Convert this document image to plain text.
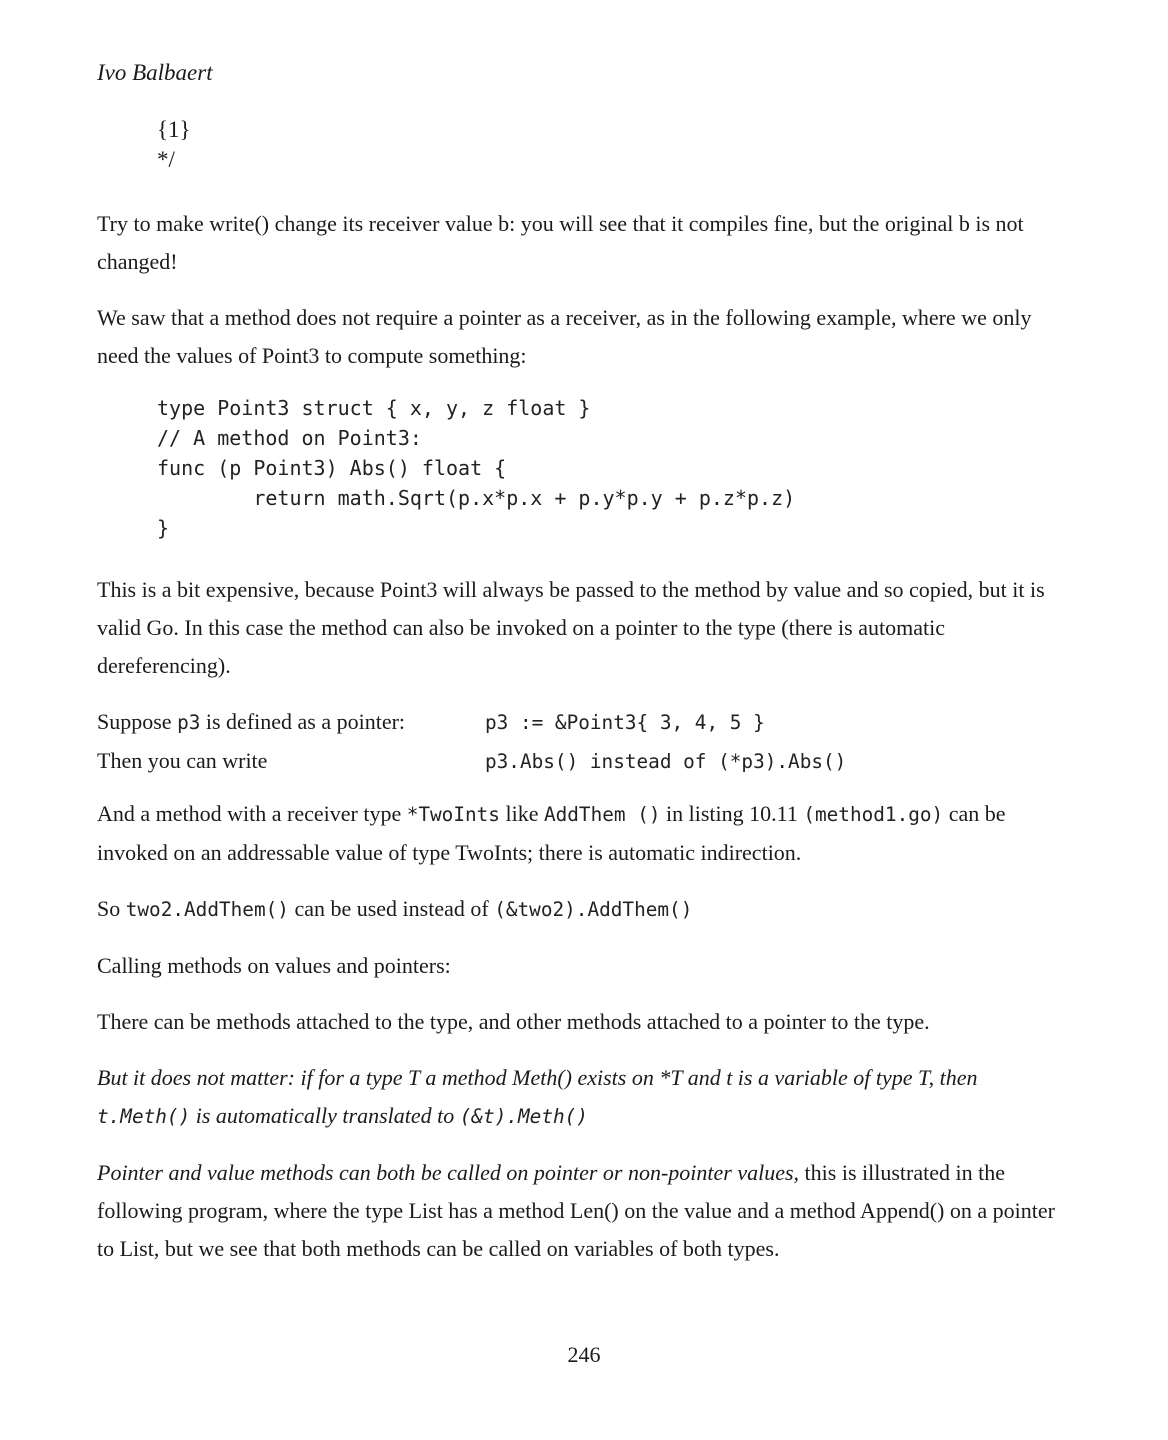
Ivo Balbaert
{1}
*/

Try to make write() change its receiver value b: you will see that it compiles fine, but the original b is not changed!

We saw that a method does not require a pointer as a receiver, as in the following example, where we only need the values of Point3 to compute something:

type Point3 struct { x, y, z float }
// A method on Point3:
func (p Point3) Abs() float {
return math.Sqrt(p.x*p.x + p.y*p.y + p.z*p.z)
}

This is a bit expensive, because Point3 will always be passed to the method by value and so copied, but it is valid Go. In this case the method can also be invoked on a pointer to the type (there is automatic dereferencing).

Suppose p3 is defined as a pointer:	p3 := &Point3{ 3, 4, 5 }
Then you can write	p3.Abs() instead of (*p3).Abs()

And a method with a receiver type *TwoInts like AddThem () in listing 10.11 (method1.go) can be invoked on an addressable value of type TwoInts; there is automatic indirection.

So two2.AddThem() can be used instead of (&two2).AddThem()

Calling methods on values and pointers:

There can be methods attached to the type, and other methods attached to a pointer to the type.

But it does not matter: if for a type T a method Meth() exists on *T and t is a variable of type T, then t.Meth() is automatically translated to (&t).Meth()

Pointer and value methods can both be called on pointer or non-pointer values, this is illustrated in the following program, where the type List has a method Len() on the value and a method Append() on a pointer to List, but we see that both methods can be called on variables of both types.

246
